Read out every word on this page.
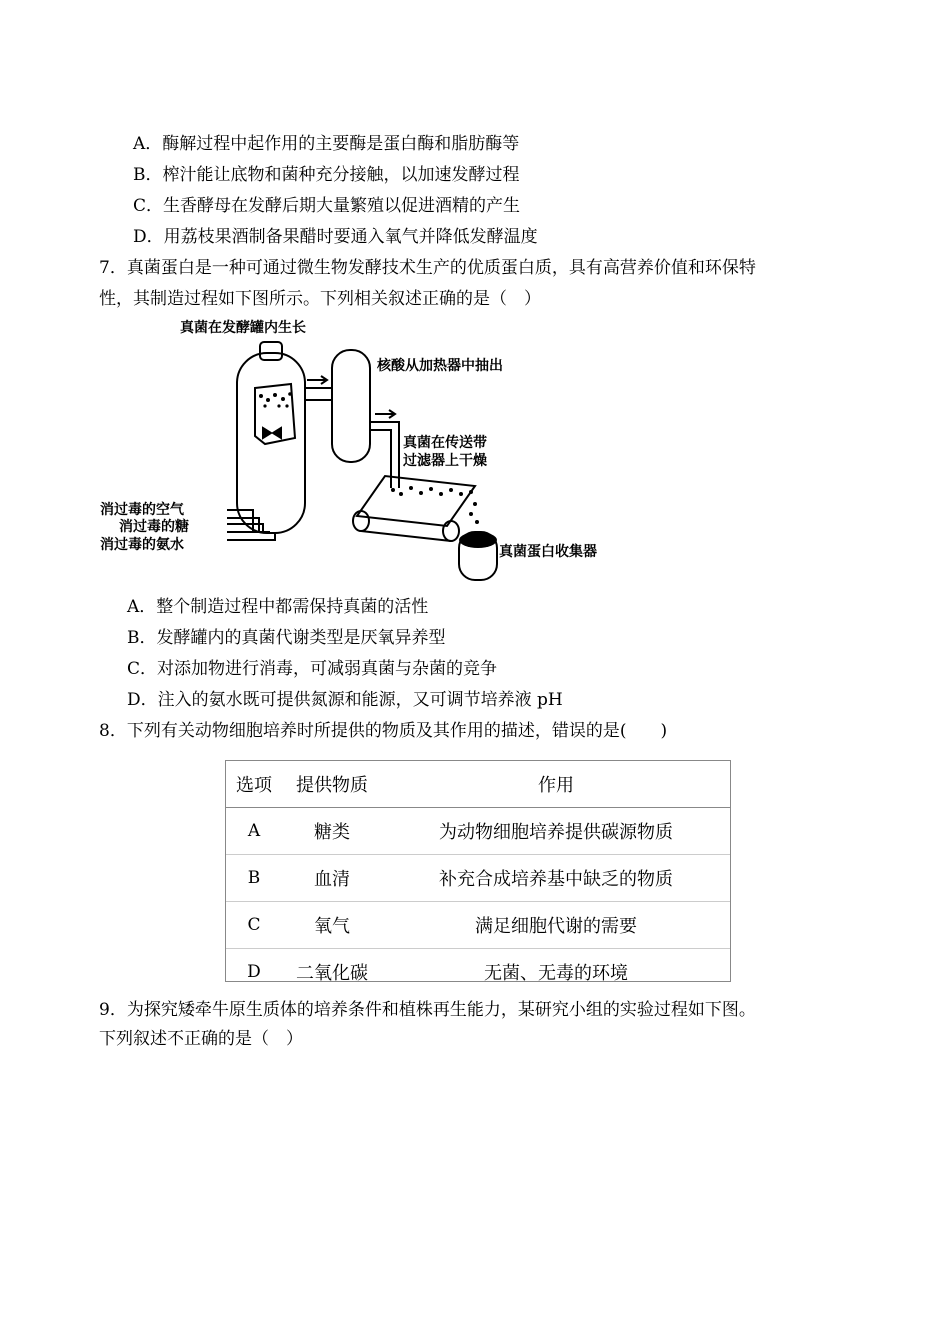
A．酶解过程中起作用的主要酶是蛋白酶和脂肪酶等
B．榨汁能让底物和菌种充分接触，以加速发酵过程
C．生香酵母在发酵后期大量繁殖以促进酒精的产生
D．用荔枝果酒制备果醋时要通入氧气并降低发酵温度
7．真菌蛋白是一种可通过微生物发酵技术生产的优质蛋白质，具有高营养价值和环保特
性，其制造过程如下图所示。下列相关叙述正确的是（　）
真菌在发酵罐内生长
核酸从加热器中抽出
真菌在传送带
过滤器上干燥
消过毒的空气
消过毒的糖
消过毒的氨水	真菌蛋白收集器
A．整个制造过程中都需保持真菌的活性
B．发酵罐内的真菌代谢类型是厌氧异养型
C．对添加物进行消毒，可减弱真菌与杂菌的竞争
D．注入的氨水既可提供氮源和能源，又可调节培养液 pH
8．下列有关动物细胞培养时所提供的物质及其作用的描述，错误的是(　　)
选项	提供物质	作用
A	糖类	为动物细胞培养提供碳源物质
B	血清	补充合成培养基中缺乏的物质
C	氧气	满足细胞代谢的需要
D	二氧化碳	无菌、无毒的环境
9．为探究矮牵牛原生质体的培养条件和植株再生能力，某研究小组的实验过程如下图。
下列叙述不正确的是（　）
